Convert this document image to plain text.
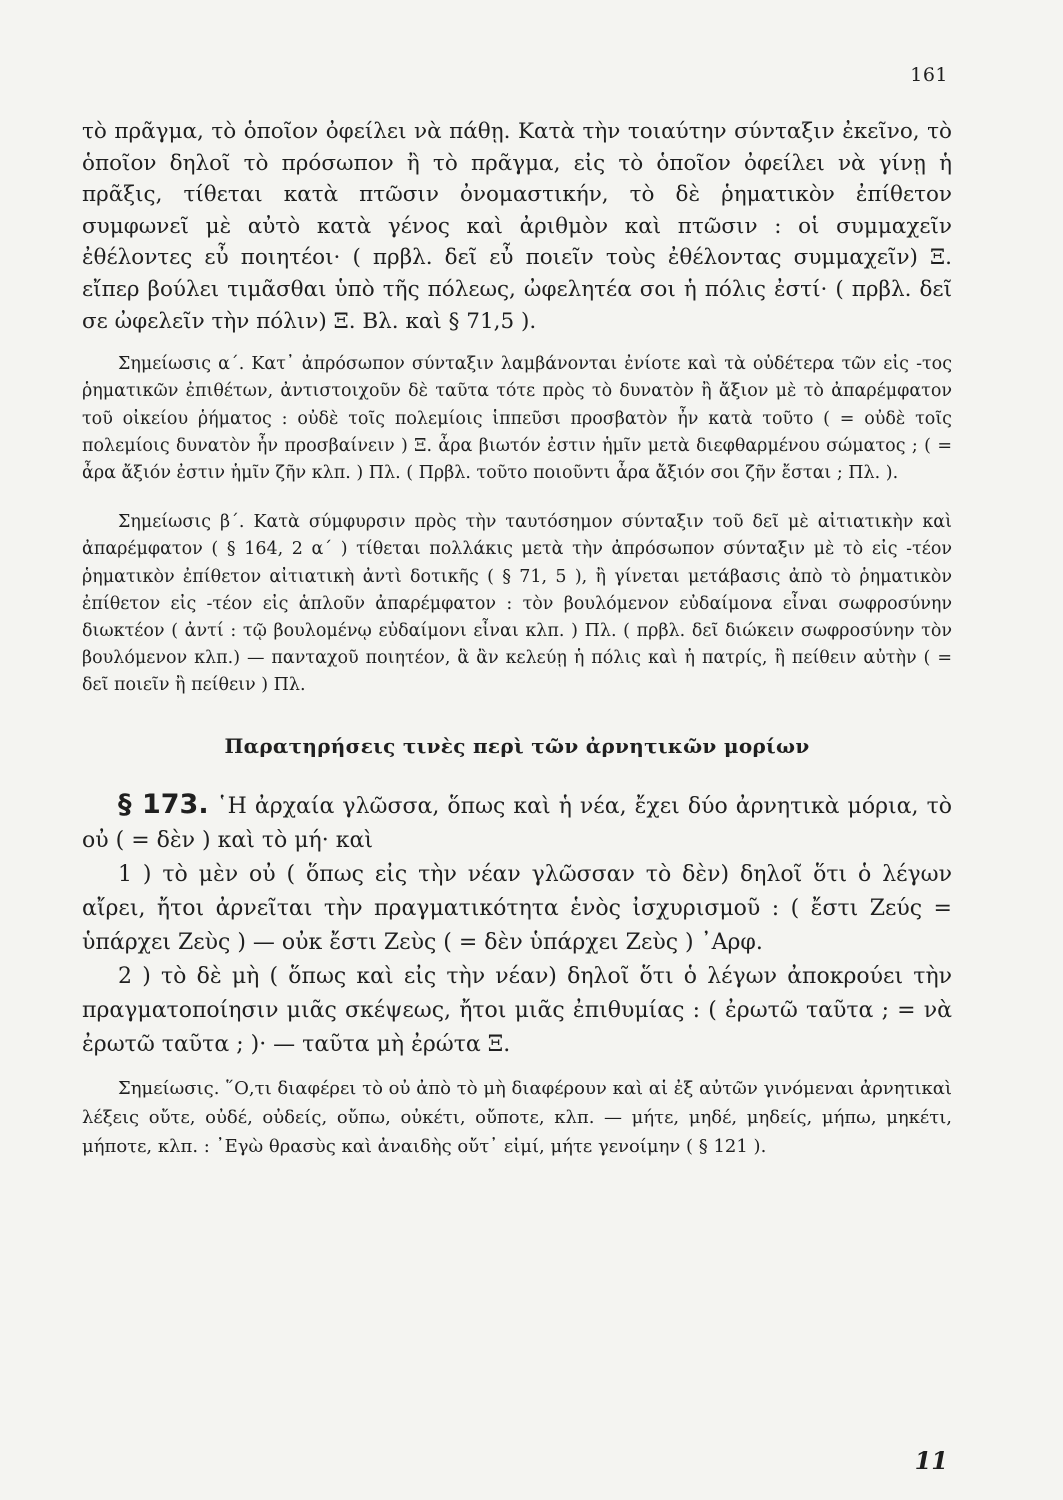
161

τὸ πρᾶγμα, τὸ ὁποῖον ὀφείλει νὰ πάθῃ. Κατὰ τὴν τοιαύτην σύνταξιν ἐκεῖνο, τὸ ὁποῖον δηλοῖ τὸ πρόσωπον ἢ τὸ πρᾶγμα, εἰς τὸ ὁποῖον ὀφείλει νὰ γίνῃ ἡ πρᾶξις, τίθεται κατὰ πτῶσιν ὀνομαστικήν, τὸ δὲ ῥηματικὸν ἐπίθετον συμφωνεῖ μὲ αὐτὸ κατὰ γένος καὶ ἀριθμὸν καὶ πτῶσιν : οἱ συμμαχεῖν ἐθέλοντες εὖ ποιητέοι· ( πρβλ. δεῖ εὖ ποιεῖν τοὺς ἐθέλοντας συμμαχεῖν) Ξ. εἴπερ βούλει τιμᾶσθαι ὑπὸ τῆς πόλεως, ὠφελητέα σοι ἡ πόλις ἐστί· ( πρβλ. δεῖ σε ὠφελεῖν τὴν πόλιν) Ξ. Βλ. καὶ § 71,5 ).

Σημείωσις α΄. Κατ᾽ ἀπρόσωπον σύνταξιν λαμβάνονται ἐνίοτε καὶ τὰ οὐδέτερα τῶν εἰς -τος ῥηματικῶν ἐπιθέτων, ἀντιστοιχοῦν δὲ ταῦτα τότε πρὸς τὸ δυνατὸν ἢ ἄξιον μὲ τὸ ἀπαρέμφατον τοῦ οἰκείου ῥήματος : οὐδὲ τοῖς πολεμίοις ἱππεῦσι προσβατὸν ἦν κατὰ τοῦτο ( = οὐδὲ τοῖς πολεμίοις δυνατὸν ἦν προσβαίνειν ) Ξ. ἆρα βιωτόν ἐστιν ἡμῖν μετὰ διεφθαρμένου σώματος ; ( = ἆρα ἄξιόν ἐστιν ἡμῖν ζῆν κλπ. ) Πλ. ( Πρβλ. τοῦτο ποιοῦντι ἆρα ἄξιόν σοι ζῆν ἔσται ; Πλ. ).

Σημείωσις β΄. Κατὰ σύμφυρσιν πρὸς τὴν ταυτόσημον σύνταξιν τοῦ δεῖ μὲ αἰτιατικὴν καὶ ἀπαρέμφατον ( § 164, 2 α΄ ) τίθεται πολλάκις μετὰ τὴν ἀπρόσωπον σύνταξιν μὲ τὸ εἰς -τέον ῥηματικὸν ἐπίθετον αἰτιατικὴ ἀντὶ δοτικῆς ( § 71, 5 ), ἢ γίνεται μετάβασις ἀπὸ τὸ ῥηματικὸν ἐπίθετον εἰς -τέον εἰς ἁπλοῦν ἀπαρέμφατον : τὸν βουλόμενον εὐδαίμονα εἶναι σωφροσύνην διωκτέον ( ἀντί : τῷ βουλομένῳ εὐδαίμονι εἶναι κλπ. ) Πλ. ( πρβλ. δεῖ διώκειν σωφροσύνην τὸν βουλόμενον κλπ.) — πανταχοῦ ποιητέον, ἃ ἂν κελεύῃ ἡ πόλις καὶ ἡ πατρίς, ἢ πείθειν αὐτὴν ( = δεῖ ποιεῖν ἢ πείθειν ) Πλ.

Παρατηρήσεις τινὲς περὶ τῶν ἀρνητικῶν μορίων

§ 173. ῾Η ἀρχαία γλῶσσα, ὅπως καὶ ἡ νέα, ἔχει δύο ἀρνητικὰ μόρια, τὸ οὐ ( = δὲν ) καὶ τὸ μή· καὶ

1 ) τὸ μὲν οὐ ( ὅπως εἰς τὴν νέαν γλῶσσαν τὸ δὲν) δηλοῖ ὅτι ὁ λέγων αἴρει, ἤτοι ἀρνεῖται τὴν πραγματικότητα ἑνὸς ἰσχυρισμοῦ : ( ἔστι Ζεύς = ὑπάρχει Ζεὺς ) — οὐκ ἔστι Ζεὺς ( = δὲν ὑπάρχει Ζεὺς ) ᾿Αρφ.

2 ) τὸ δὲ μὴ ( ὅπως καὶ εἰς τὴν νέαν) δηλοῖ ὅτι ὁ λέγων ἀποκρούει τὴν πραγματοποίησιν μιᾶς σκέψεως, ἤτοι μιᾶς ἐπιθυμίας : ( ἐρωτῶ ταῦτα ; = νὰ ἐρωτῶ ταῦτα ; )· — ταῦτα μὴ ἐρώτα Ξ.

Σημείωσις. ῞Ο,τι διαφέρει τὸ οὐ ἀπὸ τὸ μὴ διαφέρουν καὶ αἱ ἐξ αὐτῶν γινόμεναι ἀρνητικαὶ λέξεις οὔτε, οὐδέ, οὐδείς, οὔπω, οὐκέτι, οὔποτε, κλπ. — μήτε, μηδέ, μηδείς, μήπω, μηκέτι, μήποτε, κλπ. : ᾿Εγὼ θρασὺς καὶ ἀναιδὴς οὔτ᾽ εἰμί, μήτε γενοίμην ( § 121 ).

11
